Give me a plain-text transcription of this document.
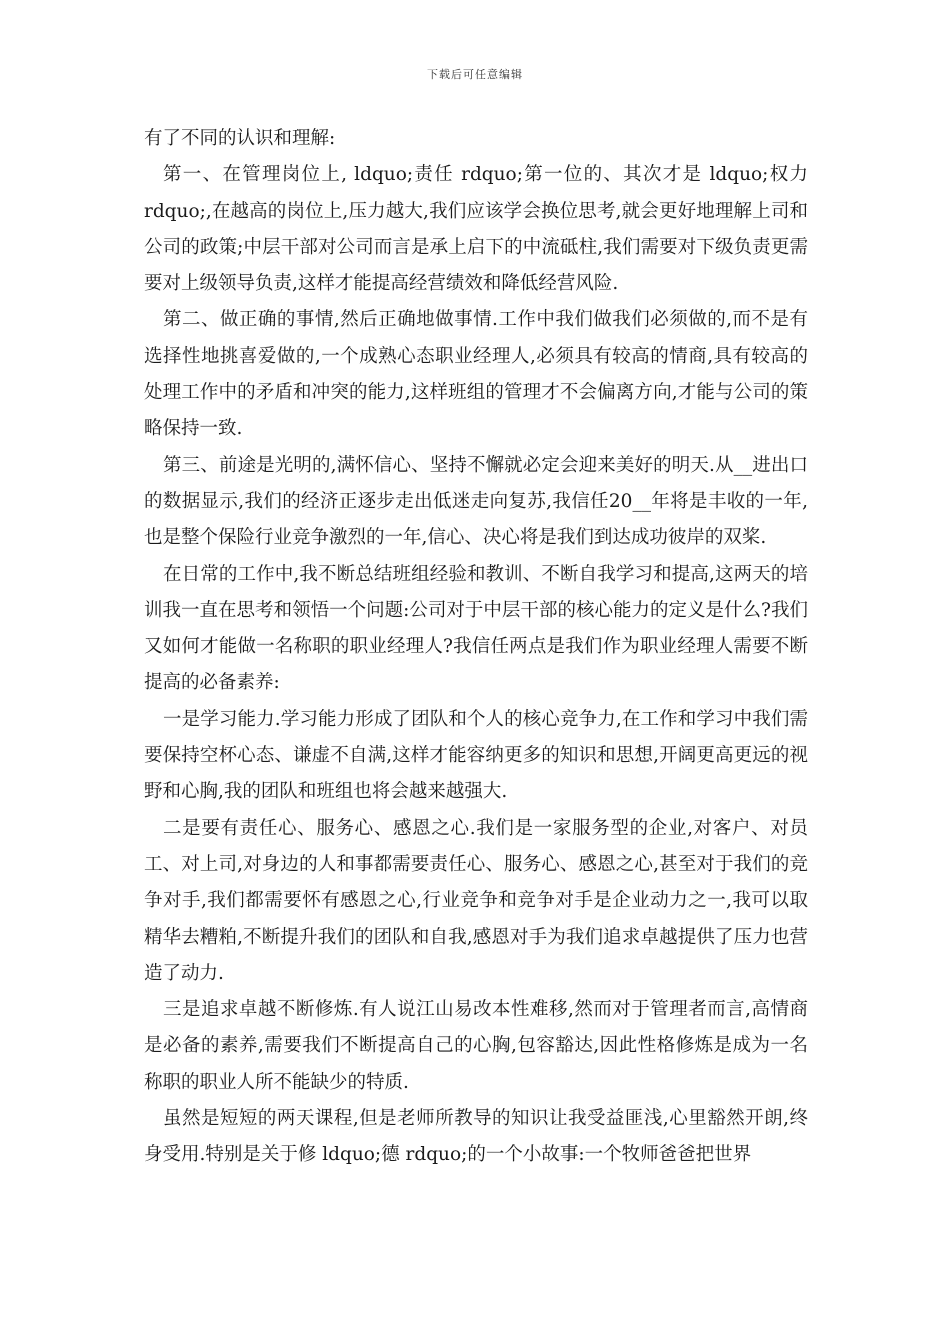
下载后可任意编辑

有了不同的认识和理解:

第一、在管理岗位上, ldquo;责任 rdquo;第一位的、其次才是 ldquo;权力 rdquo;,在越高的岗位上,压力越大,我们应该学会换位思考,就会更好地理解上司和公司的政策;中层干部对公司而言是承上启下的中流砥柱,我们需要对下级负责更需要对上级领导负责,这样才能提高经营绩效和降低经营风险.

第二、做正确的事情,然后正确地做事情.工作中我们做我们必须做的,而不是有选择性地挑喜爱做的,一个成熟心态职业经理人,必须具有较高的情商,具有较高的处理工作中的矛盾和冲突的能力,这样班组的管理才不会偏离方向,才能与公司的策略保持一致.

第三、前途是光明的,满怀信心、坚持不懈就必定会迎来美好的明天.从__进出口的数据显示,我们的经济正逐步走出低迷走向复苏,我信任20__年将是丰收的一年,也是整个保险行业竞争激烈的一年,信心、决心将是我们到达成功彼岸的双桨.

在日常的工作中,我不断总结班组经验和教训、不断自我学习和提高,这两天的培训我一直在思考和领悟一个问题:公司对于中层干部的核心能力的定义是什么?我们又如何才能做一名称职的职业经理人?我信任两点是我们作为职业经理人需要不断提高的必备素养:

一是学习能力.学习能力形成了团队和个人的核心竞争力,在工作和学习中我们需要保持空杯心态、谦虚不自满,这样才能容纳更多的知识和思想,开阔更高更远的视野和心胸,我的团队和班组也将会越来越强大.

二是要有责任心、服务心、感恩之心.我们是一家服务型的企业,对客户、对员工、对上司,对身边的人和事都需要责任心、服务心、感恩之心,甚至对于我们的竞争对手,我们都需要怀有感恩之心,行业竞争和竞争对手是企业动力之一,我可以取精华去糟粕,不断提升我们的团队和自我,感恩对手为我们追求卓越提供了压力也营造了动力.

三是追求卓越不断修炼.有人说江山易改本性难移,然而对于管理者而言,高情商是必备的素养,需要我们不断提高自己的心胸,包容豁达,因此性格修炼是成为一名称职的职业人所不能缺少的特质.

虽然是短短的两天课程,但是老师所教导的知识让我受益匪浅,心里豁然开朗,终身受用.特别是关于修 ldquo;德 rdquo;的一个小故事:一个牧师爸爸把世界
